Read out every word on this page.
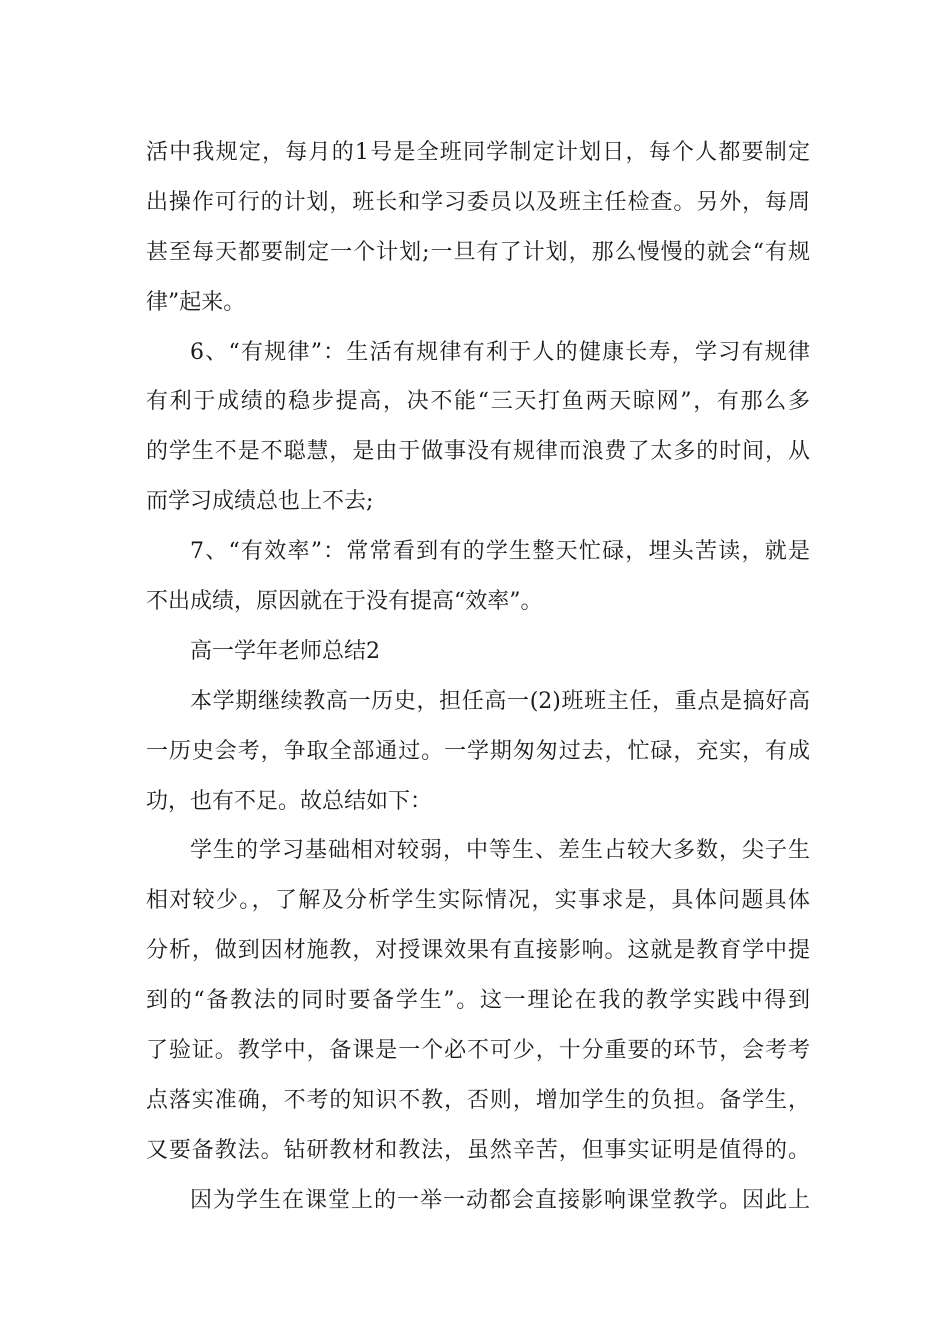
活中我规定，每月的1号是全班同学制定计划日，每个人都要制定
出操作可行的计划，班长和学习委员以及班主任检查。另外，每周
甚至每天都要制定一个计划;一旦有了计划，那么慢慢的就会“有规
律”起来。
6、“有规律”：生活有规律有利于人的健康长寿，学习有规律
有利于成绩的稳步提高，决不能“三天打鱼两天晾网”，有那么多
的学生不是不聪慧，是由于做事没有规律而浪费了太多的时间，从
而学习成绩总也上不去;
7、“有效率”：常常看到有的学生整天忙碌，埋头苦读，就是
不出成绩，原因就在于没有提高“效率”。
高一学年老师总结2
本学期继续教高一历史，担任高一(2)班班主任，重点是搞好高
一历史会考，争取全部通过。一学期匆匆过去，忙碌，充实，有成
功，也有不足。故总结如下：
学生的学习基础相对较弱，中等生、差生占较大多数，尖子生
相对较少。，了解及分析学生实际情况，实事求是，具体问题具体
分析，做到因材施教，对授课效果有直接影响。这就是教育学中提
到的“备教法的同时要备学生”。这一理论在我的教学实践中得到
了验证。教学中，备课是一个必不可少，十分重要的环节，会考考
点落实准确，不考的知识不教，否则，增加学生的负担。备学生，
又要备教法。钻研教材和教法，虽然辛苦，但事实证明是值得的。
因为学生在课堂上的一举一动都会直接影响课堂教学。因此上
